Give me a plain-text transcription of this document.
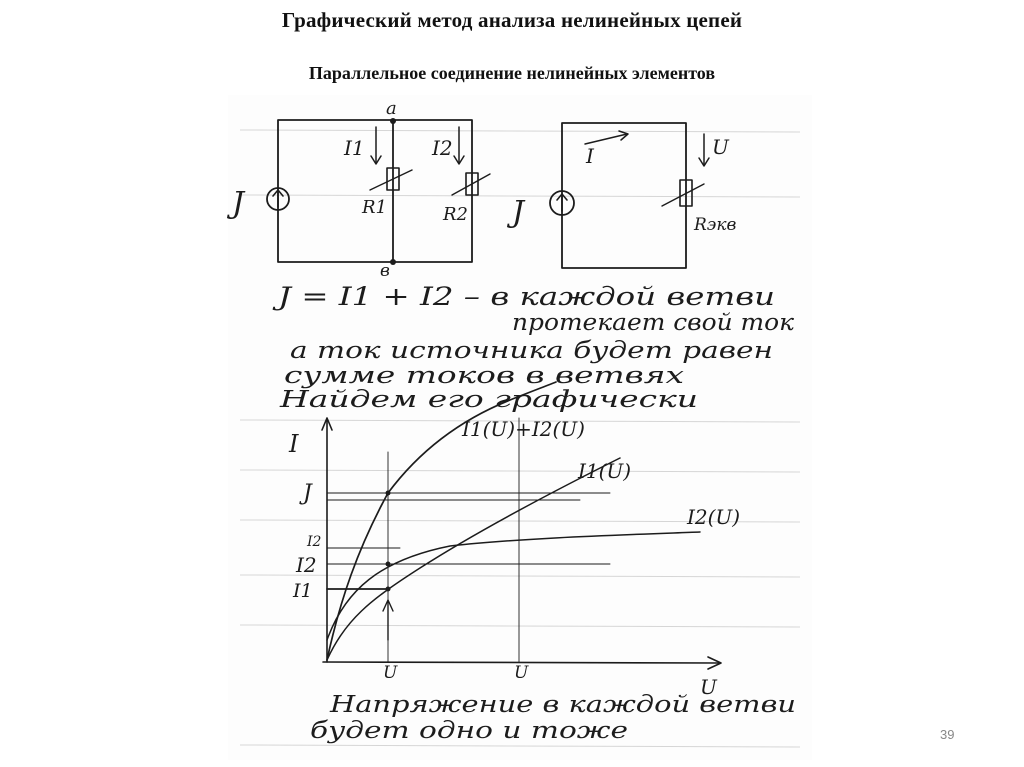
Графический метод анализа нелинейных цепей
Параллельное соединение нелинейных элементов
a
в
J
I1	I2
R1	R2 J
I	U
Rэкв
J = I1 + I2 – в каждой ветви
протекает свой ток
а ток источника будет равен
сумме токов в ветвях
Найдем его графически
I
U
U	U
J
I2
I2
I1
I1(U)+I2(U)
I1(U)
I2(U)
Напряжение в каждой ветви
будет одно и тоже	39
